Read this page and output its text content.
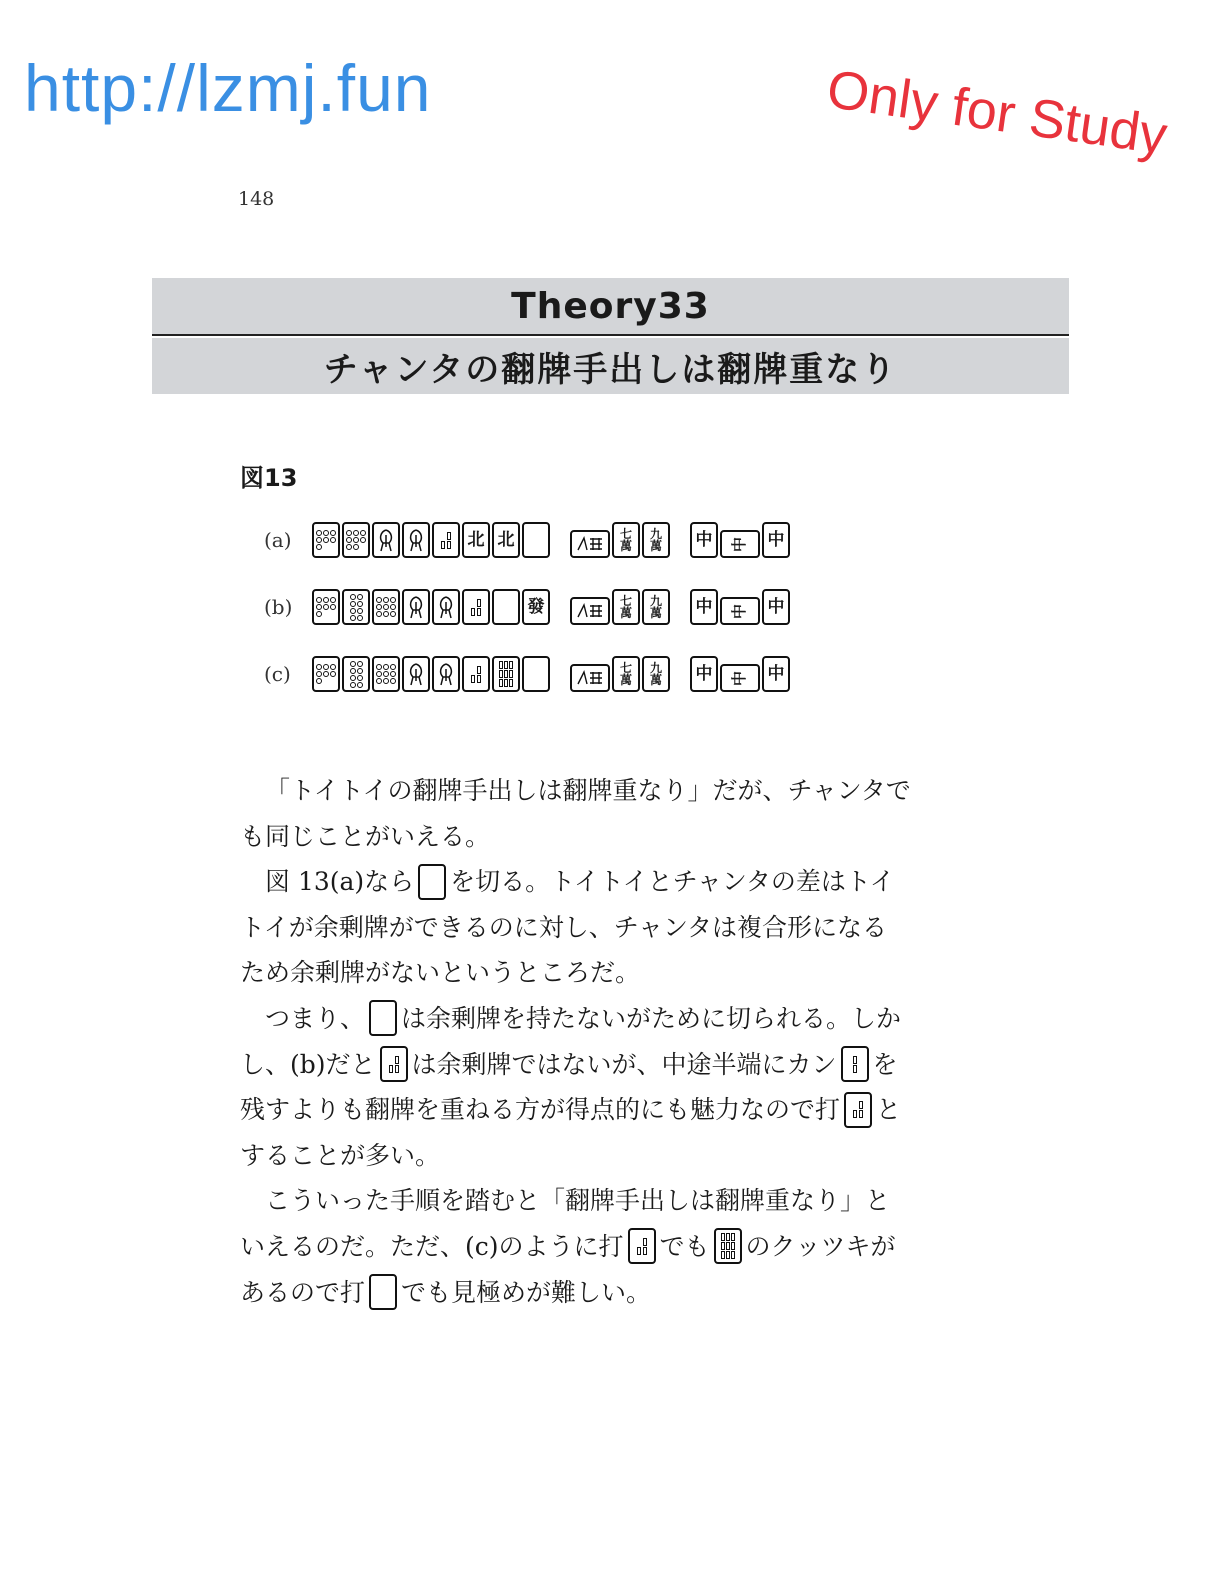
http://lzmj.fun	Only for Study
148
Theory33
チャンタの翻牌手出しは翻牌重なり
図13
(a)	北 北	七
萬
九
萬	中	中	中
(b)	發	七
萬
九
萬	中	中	中
(c)	七
萬
九
萬	中	中	中

「トイトイの翻牌手出しは翻牌重なり」だが、チャンタで

も同じことがいえる。

図 13(a)なら を切る。トイトイとチャンタの差はトイ

トイが余剰牌ができるのに対し、チャンタは複合形になる

ため余剰牌がないというところだ。

つまり、 は余剰牌を持たないがために切られる。しか

し、(b)だと は余剰牌ではないが、中途半端にカン を

残すよりも翻牌を重ねる方が得点的にも魅力なので打 と

することが多い。

こういった手順を踏むと「翻牌手出しは翻牌重なり」と

いえるのだ。ただ、(c)のように打 でも のクッツキが

あるので打 でも見極めが難しい。
